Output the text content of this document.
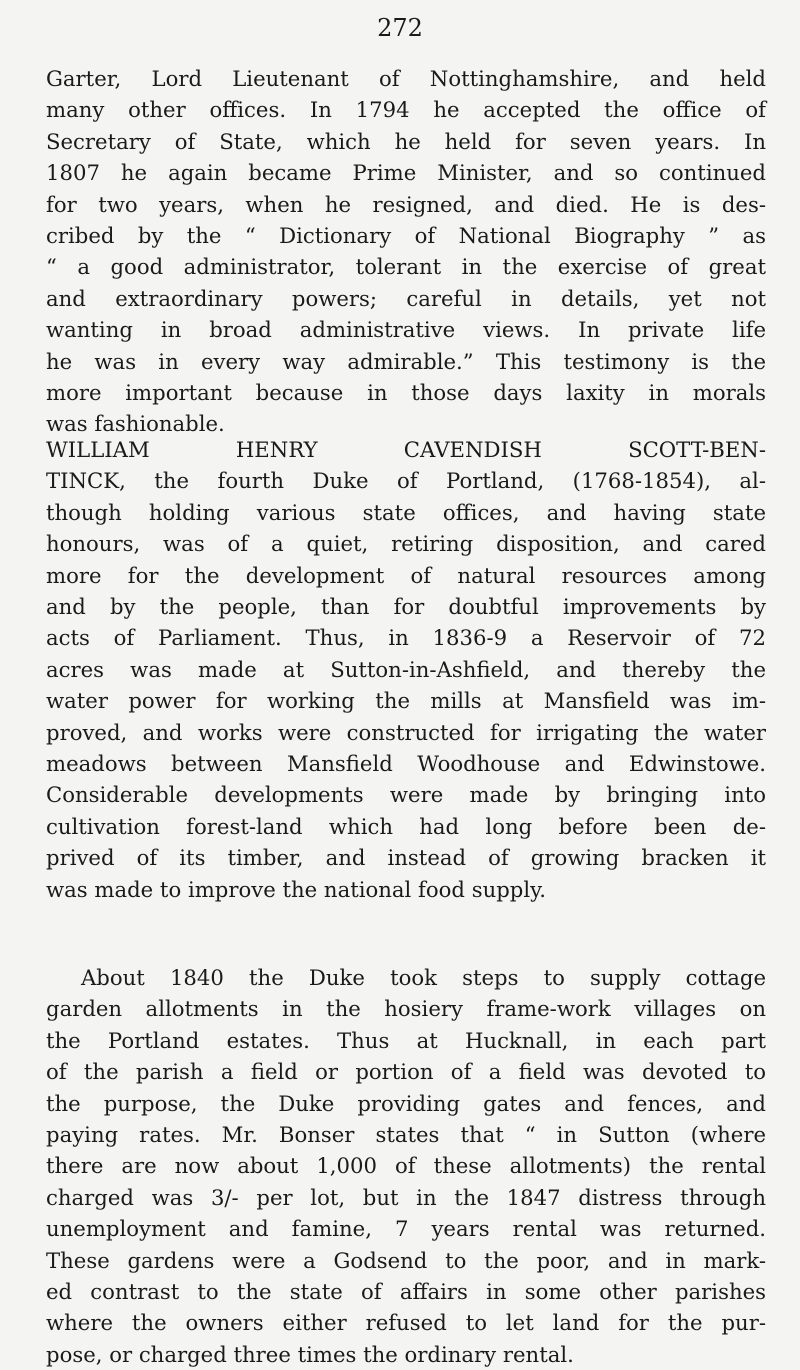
272
Garter, Lord Lieutenant of Nottinghamshire, and held
many other offices. In 1794 he accepted the office of
Secretary of State, which he held for seven years. In
1807 he again became Prime Minister, and so continued
for two years, when he resigned, and died. He is des-
cribed by the “ Dictionary of National Biography ” as
“ a good administrator, tolerant in the exercise of great
and extraordinary powers; careful in details, yet not
wanting in broad administrative views. In private life
he was in every way admirable.” This testimony is the
more important because in those days laxity in morals
was fashionable.
WILLIAM HENRY CAVENDISH SCOTT-BEN-
TINCK, the fourth Duke of Portland, (1768-1854), al-
though holding various state offices, and having state
honours, was of a quiet, retiring disposition, and cared
more for the development of natural resources among
and by the people, than for doubtful improvements by
acts of Parliament. Thus, in 1836-9 a Reservoir of 72
acres was made at Sutton-in-Ashfield, and thereby the
water power for working the mills at Mansfield was im-
proved, and works were constructed for irrigating the water
meadows between Mansfield Woodhouse and Edwinstowe.
Considerable developments were made by bringing into
cultivation forest-land which had long before been de-
prived of its timber, and instead of growing bracken it
was made to improve the national food supply.
About 1840 the Duke took steps to supply cottage
garden allotments in the hosiery frame-work villages on
the Portland estates. Thus at Hucknall, in each part
of the parish a field or portion of a field was devoted to
the purpose, the Duke providing gates and fences, and
paying rates. Mr. Bonser states that “ in Sutton (where
there are now about 1,000 of these allotments) the rental
charged was 3/- per lot, but in the 1847 distress through
unemployment and famine, 7 years rental was returned.
These gardens were a Godsend to the poor, and in mark-
ed contrast to the state of affairs in some other parishes
where the owners either refused to let land for the pur-
pose, or charged three times the ordinary rental.
